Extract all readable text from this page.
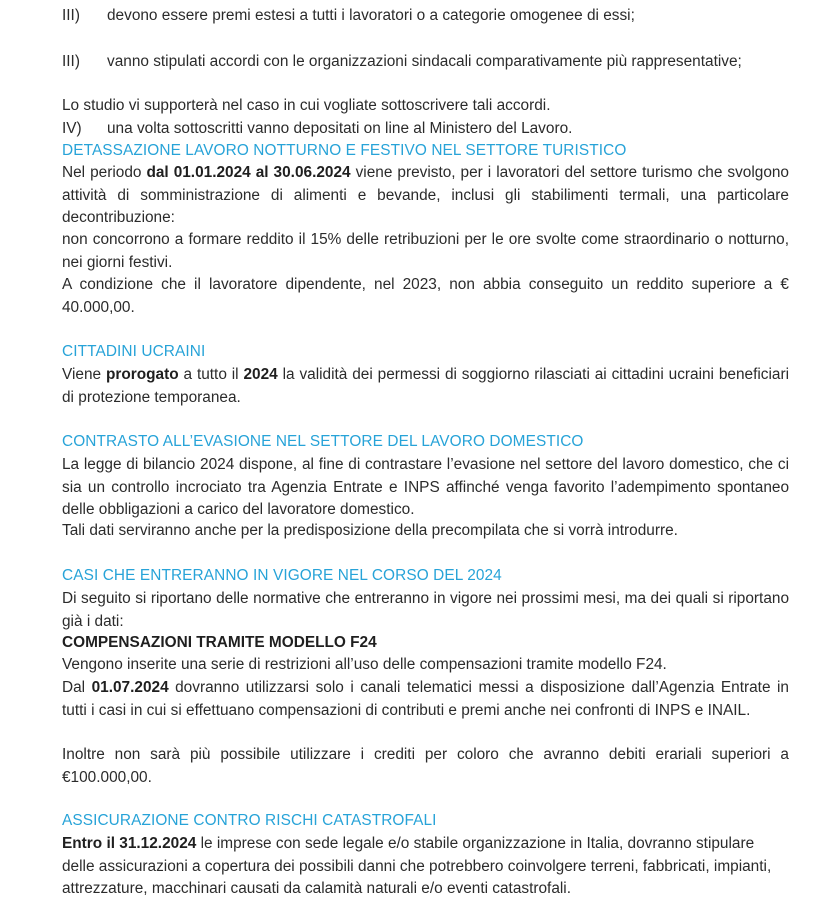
III) devono essere premi estesi a tutti i lavoratori o a categorie omogenee di essi;
III) vanno stipulati accordi con le organizzazioni sindacali comparativamente più rappresentative;
IV) una volta sottoscritti vanno depositati on line al Ministero del Lavoro.
Lo studio vi supporterà nel caso in cui vogliate sottoscrivere tali accordi.
DETASSAZIONE LAVORO NOTTURNO E FESTIVO NEL SETTORE TURISTICO
Nel periodo dal 01.01.2024 al 30.06.2024 viene previsto, per i lavoratori del settore turismo che svolgono attività di somministrazione di alimenti e bevande, inclusi gli stabilimenti termali, una particolare decontribuzione:
non concorrono a formare reddito il 15% delle retribuzioni per le ore svolte come straordinario o notturno, nei giorni festivi.
A condizione che il lavoratore dipendente, nel 2023, non abbia conseguito un reddito superiore a € 40.000,00.
CITTADINI UCRAINI
Viene prorogato a tutto il 2024 la validità dei permessi di soggiorno rilasciati ai cittadini ucraini beneficiari di protezione temporanea.
CONTRASTO ALL’EVASIONE NEL SETTORE DEL LAVORO DOMESTICO
La legge di bilancio 2024 dispone, al fine di contrastare l’evasione nel settore del lavoro domestico, che ci sia un controllo incrociato tra Agenzia Entrate e INPS affinché venga favorito l’adempimento spontaneo delle obbligazioni a carico del lavoratore domestico.
Tali dati serviranno anche per la predisposizione della precompilata che si vorrà introdurre.
CASI CHE ENTRERANNO IN VIGORE NEL CORSO DEL 2024
Di seguito si riportano delle normative che entreranno in vigore nei prossimi mesi, ma dei quali si riportano già i dati:
COMPENSAZIONI TRAMITE MODELLO F24
Vengono inserite una serie di restrizioni all’uso delle compensazioni tramite modello F24.
Dal 01.07.2024 dovranno utilizzarsi solo i canali telematici messi a disposizione dall’Agenzia Entrate in tutti i casi in cui si effettuano compensazioni di contributi e premi anche nei confronti di INPS e INAIL.
Inoltre non sarà più possibile utilizzare i crediti per coloro che avranno debiti erariali superiori a €100.000,00.
ASSICURAZIONE CONTRO RISCHI CATASTROFALI
Entro il 31.12.2024 le imprese con sede legale e/o stabile organizzazione in Italia, dovranno stipulare delle assicurazioni a copertura dei possibili danni che potrebbero coinvolgere terreni, fabbricati, impianti, attrezzature, macchinari causati da calamità naturali e/o eventi catastrofali.
